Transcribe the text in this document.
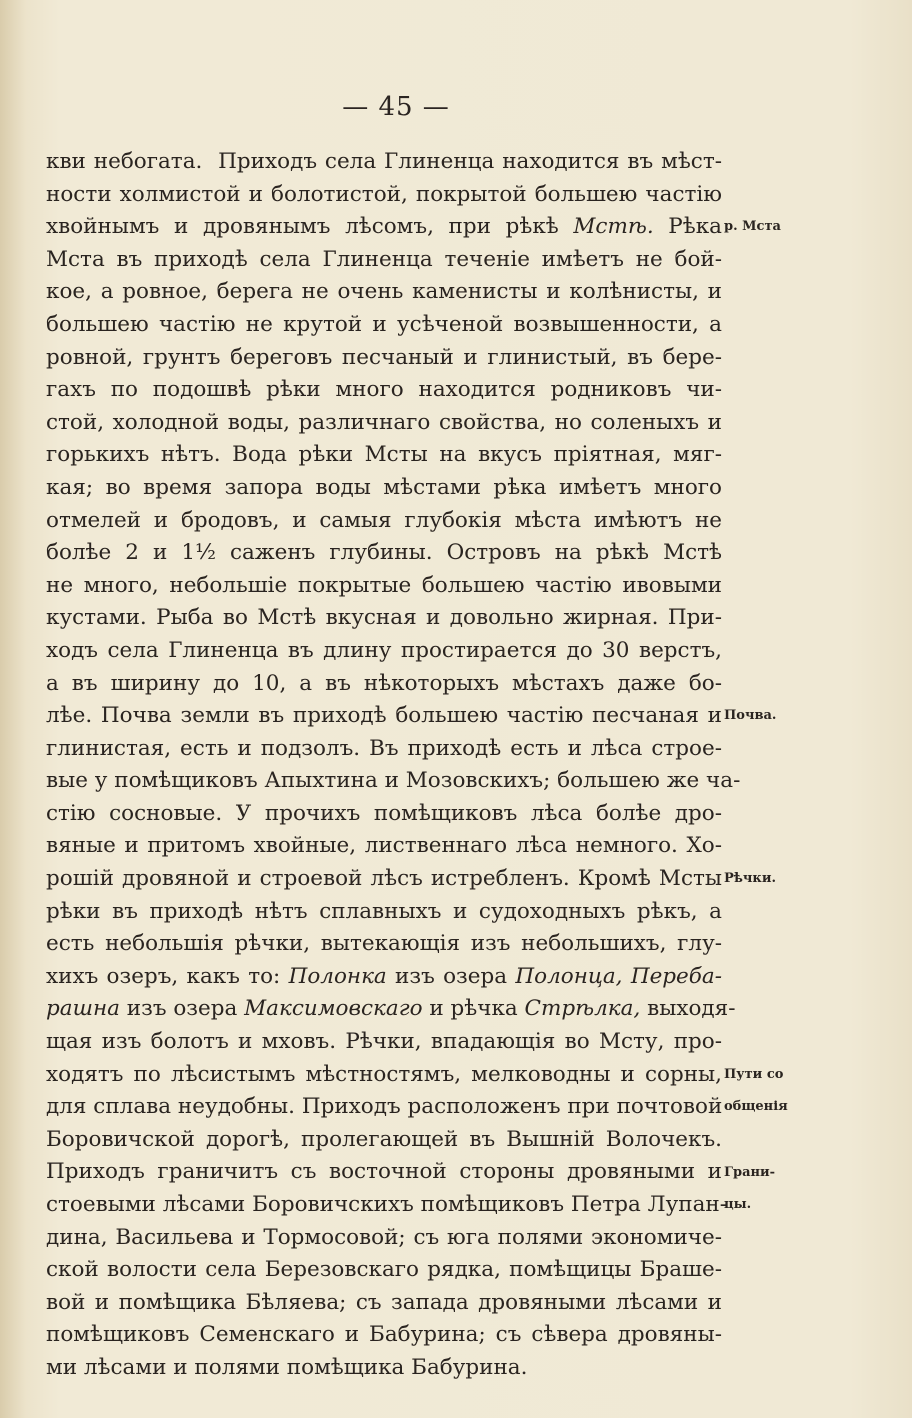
— 45 —
кви небогата.  Приходъ села Глиненца находится въ мѣст-
ности холмистой и болотистой, покрытой большею частію
хвойнымъ и дровянымъ лѣсомъ, при рѣкѣ Мстѣ. Рѣка
Мста въ приходѣ села Глиненца теченіе имѣетъ не бой-
кое, а ровное, берега не очень каменисты и колѣнисты, и
большею частію не крутой и усѣченой возвышенности, а
ровной, грунтъ береговъ песчаный и глинистый, въ бере-
гахъ по подошвѣ рѣки много находится родниковъ чи-
стой, холодной воды, различнаго свойства, но соленыхъ и
горькихъ нѣтъ. Вода рѣки Мсты на вкусъ пріятная, мяг-
кая; во время запора воды мѣстами рѣка имѣетъ много
отмелей и бродовъ, и самыя глубокія мѣста имѣютъ не
болѣе 2 и 1½ саженъ глубины. Островъ на рѣкѣ Мстѣ
не много, небольшіе покрытые большею частію ивовыми
кустами. Рыба во Мстѣ вкусная и довольно жирная. При-
ходъ села Глиненца въ длину простирается до 30 верстъ,
а въ ширину до 10, а въ нѣкоторыхъ мѣстахъ даже бо-
лѣе. Почва земли въ приходѣ большею частію песчаная и
глинистая, есть и подзолъ. Въ приходѣ есть и лѣса строе-
вые у помѣщиковъ Апыхтина и Мозовскихъ; большею же ча-
стію сосновые. У прочихъ помѣщиковъ лѣса болѣе дро-
вяные и притомъ хвойные, лиственнаго лѣса немного. Хо-
рошій дровяной и строевой лѣсъ истребленъ. Кромѣ Мсты
рѣки въ приходѣ нѣтъ сплавныхъ и судоходныхъ рѣкъ, а
есть небольшія рѣчки, вытекающія изъ небольшихъ, глу-
хихъ озеръ, какъ то: Полонка изъ озера Полонца, Переба-
рашна изъ озера Максимовскаго и рѣчка Стрѣлка, выходя-
щая изъ болотъ и мховъ. Рѣчки, впадающія во Мсту, про-
ходятъ по лѣсистымъ мѣстностямъ, мелководны и сорны,
для сплава неудобны. Приходъ расположенъ при почтовой
Боровичской дорогѣ, пролегающей въ Вышній Волочекъ.
Приходъ граничитъ съ восточной стороны дровяными и
стоевыми лѣсами Боровичскихъ помѣщиковъ Петра Лупан-
дина, Васильева и Тормосовой; съ юга полями экономиче-
ской волости села Березовскаго рядка, помѣщицы Браше-
вой и помѣщика Бѣляева; съ запада дровяными лѣсами и
помѣщиковъ Семенскаго и Бабурина; съ сѣвера дровяны-
ми лѣсами и полями помѣщика Бабурина.
р. Мста
Почва.
Рѣчки.
Пути со
общенія
Грани-
цы.
